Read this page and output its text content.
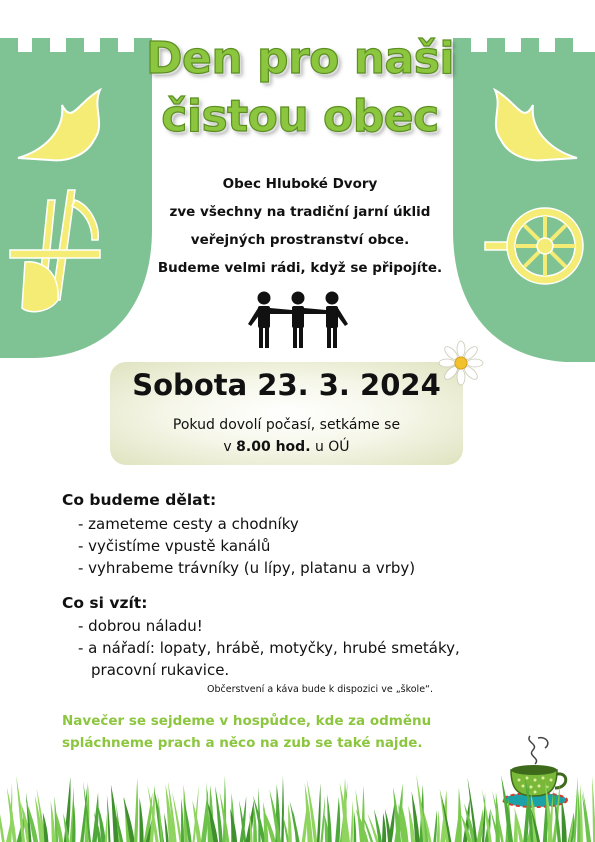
Den pro naši
čistou obec
Obec Hluboké Dvory
zve všechny na tradiční jarní úklid
veřejných prostranství obce.
Budeme velmi rádi, když se připojíte.
Sobota 23. 3. 2024
Pokud dovolí počasí, setkáme se
v 8.00 hod. u OÚ
Co budeme dělat:
- zameteme cesty a chodníky
- vyčistíme vpustě kanálů
- vyhrabeme trávníky (u lípy, platanu a vrby)
Co si vzít:
- dobrou náladu!
- a nářadí: lopaty, hrábě, motyčky, hrubé smetáky,
pracovní rukavice.
Občerstvení a káva bude k dispozici ve „škole“.
Navečer se sejdeme v hospůdce, kde za odměnu
spláchneme prach a něco na zub se také najde.
